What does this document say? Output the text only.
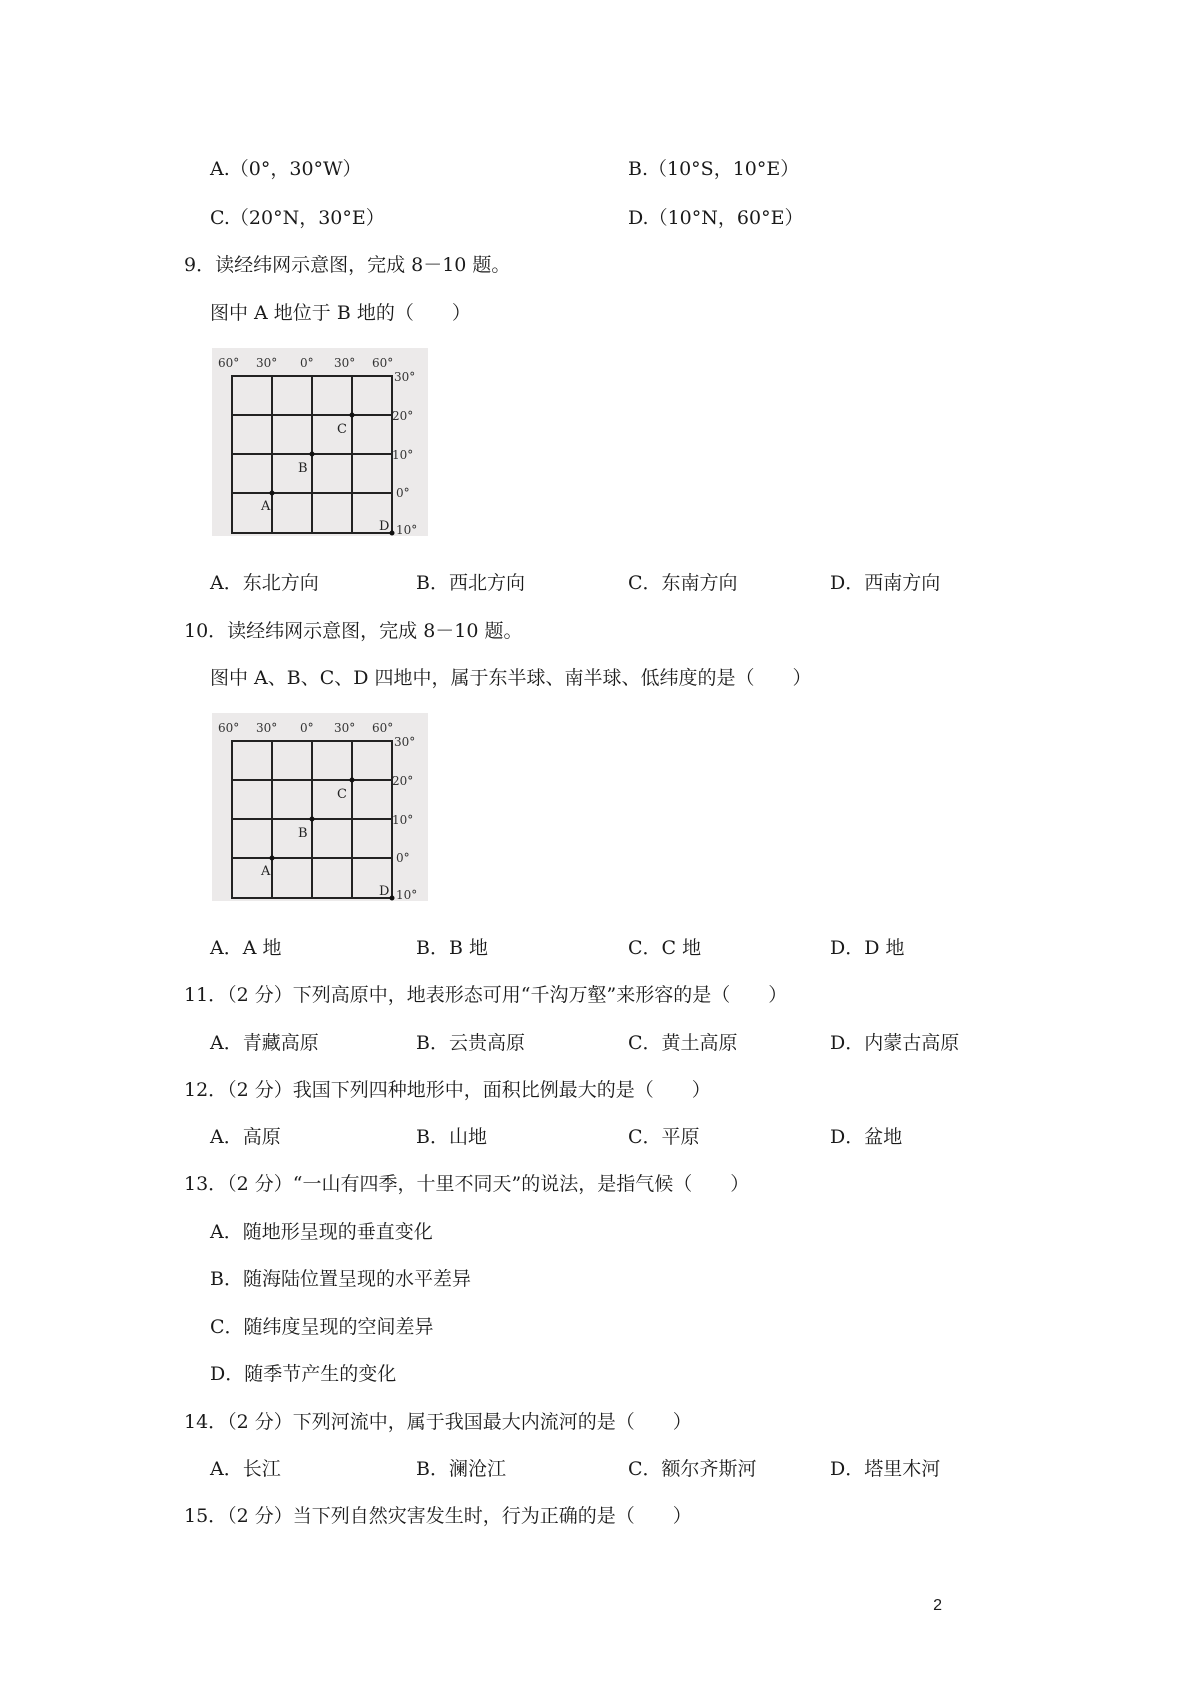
A.（0°，30°W）	B.（10°S，10°E）
C.（20°N，30°E）	D.（10°N，60°E）
9．读经纬网示意图，完成 8－10 题。
图中 A 地位于 B 地的（　　）
60° 30° 0° 30° 60°
30°
20°
10°
0°
10°
A
B
C
D
A．东北方向	B．西北方向	C．东南方向	D．西南方向
10．读经纬网示意图，完成 8－10 题。
图中 A、B、C、D 四地中，属于东半球、南半球、低纬度的是（　　）
60° 30° 0° 30° 60°
30°
20°
10°
0°
10°
A
B
C
D
A．A 地	B．B 地	C．C 地	D．D 地
11．（2 分）下列高原中，地表形态可用“千沟万壑”来形容的是（　　）
A．青藏高原	B．云贵高原	C．黄土高原	D．内蒙古高原
12．（2 分）我国下列四种地形中，面积比例最大的是（　　）
A．高原	B．山地	C．平原	D．盆地
13．（2 分）“一山有四季，十里不同天”的说法，是指气候（　　）
A．随地形呈现的垂直变化
B．随海陆位置呈现的水平差异
C．随纬度呈现的空间差异
D．随季节产生的变化
14．（2 分）下列河流中，属于我国最大内流河的是（　　）
A．长江	B．澜沧江	C．额尔齐斯河	D．塔里木河
15．（2 分）当下列自然灾害发生时，行为正确的是（　　）
2
